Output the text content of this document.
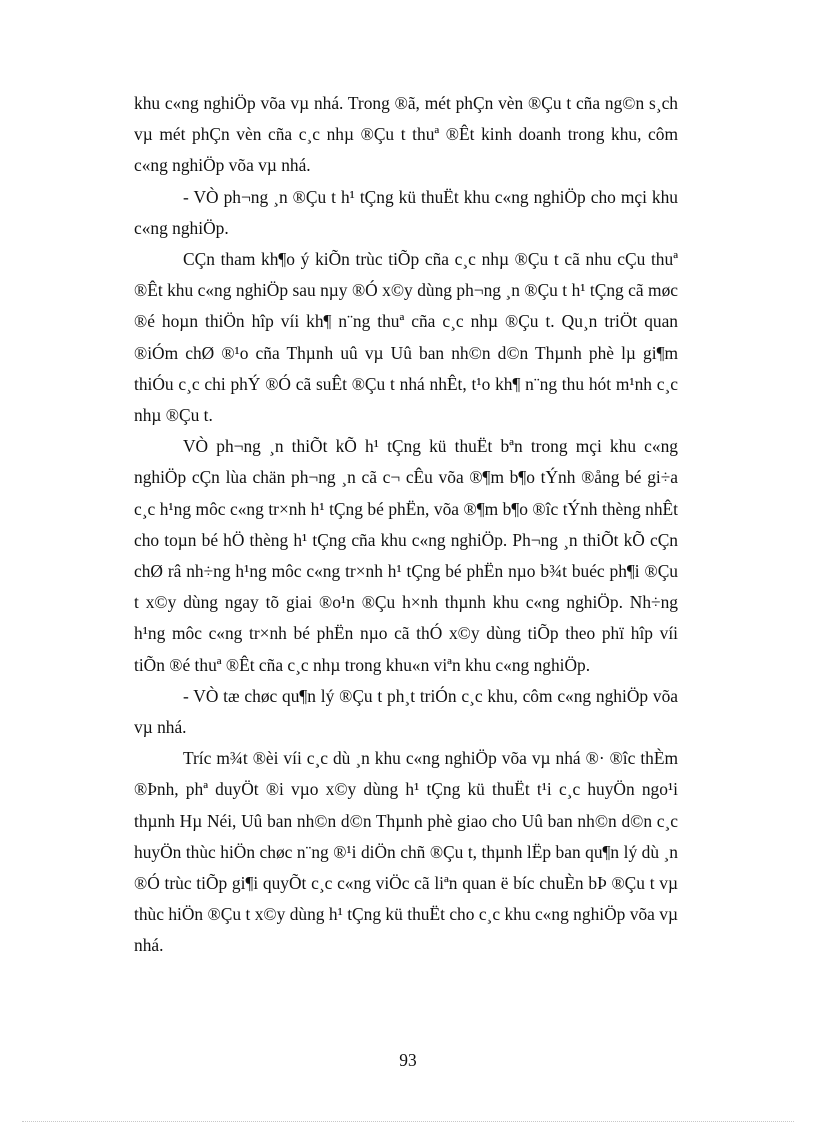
khu c«ng nghiÖp võa vµ nhá. Trong ®ã, mét phÇn vèn ®Çu t cña ng©n s¸ch vµ mét phÇn vèn cña c¸c nhµ ®Çu t thuª ®Êt kinh doanh trong khu, côm c«ng nghiÖp võa vµ nhá.

- VÒ ph¬ng ¸n ®Çu t h¹ tÇng kü thuËt khu c«ng nghiÖp cho mçi khu c«ng nghiÖp.

CÇn tham kh¶o ý kiÕn trùc tiÕp cña c¸c nhµ ®Çu t cã nhu cÇu thuª ®Êt khu c«ng nghiÖp sau nµy ®Ó x©y dùng ph¬ng ¸n ®Çu t h¹ tÇng cã møc ®é hoµn thiÖn hîp víi kh¶ n¨ng thuª cña c¸c nhµ ®Çu t. Qu¸n triÖt quan ®iÓm chØ ®¹o cña Thµnh uû vµ Uû ban nh©n d©n Thµnh phè lµ gi¶m thiÓu c¸c chi phÝ ®Ó cã suÊt ®Çu t nhá nhÊt, t¹o kh¶ n¨ng thu hót m¹nh c¸c nhµ ®Çu t.

VÒ ph¬ng ¸n thiÕt kÕ h¹ tÇng kü thuËt bªn trong mçi khu c«ng nghiÖp cÇn lùa chän ph¬ng ¸n cã c¬ cÊu võa ®¶m b¶o tÝnh ®ång bé gi÷a c¸c h¹ng môc c«ng tr×nh h¹ tÇng bé phËn, võa ®¶m b¶o ®îc tÝnh thèng nhÊt cho toµn bé hÖ thèng h¹ tÇng cña khu c«ng nghiÖp. Ph¬ng ¸n thiÕt kÕ cÇn chØ râ nh÷ng h¹ng môc c«ng tr×nh h¹ tÇng bé phËn nµo b¾t buéc ph¶i ®Çu t x©y dùng ngay tõ giai ®o¹n ®Çu h×nh thµnh khu c«ng nghiÖp. Nh÷ng h¹ng môc c«ng tr×nh bé phËn nµo cã thÓ x©y dùng tiÕp theo phï hîp víi tiÕn ®é thuª ®Êt cña c¸c nhµ trong khu«n viªn khu c«ng nghiÖp.

- VÒ tæ chøc qu¶n lý ®Çu t ph¸t triÓn c¸c khu, côm c«ng nghiÖp võa vµ nhá.

Tríc m¾t ®èi víi c¸c dù ¸n khu c«ng nghiÖp võa vµ nhá ®· ®îc thÈm ®Þnh, phª duyÖt ®i vµo x©y dùng h¹ tÇng kü thuËt t¹i c¸c huyÖn ngo¹i thµnh Hµ Néi, Uû ban nh©n d©n Thµnh phè giao cho Uû ban nh©n d©n c¸c huyÖn thùc hiÖn chøc n¨ng ®¹i diÖn chñ ®Çu t, thµnh lËp ban qu¶n lý dù ¸n ®Ó trùc tiÕp gi¶i quyÕt c¸c c«ng viÖc cã liªn quan ë bíc chuÈn bÞ ®Çu t vµ thùc hiÖn ®Çu t x©y dùng h¹ tÇng kü thuËt cho c¸c khu c«ng nghiÖp võa vµ nhá.

93
